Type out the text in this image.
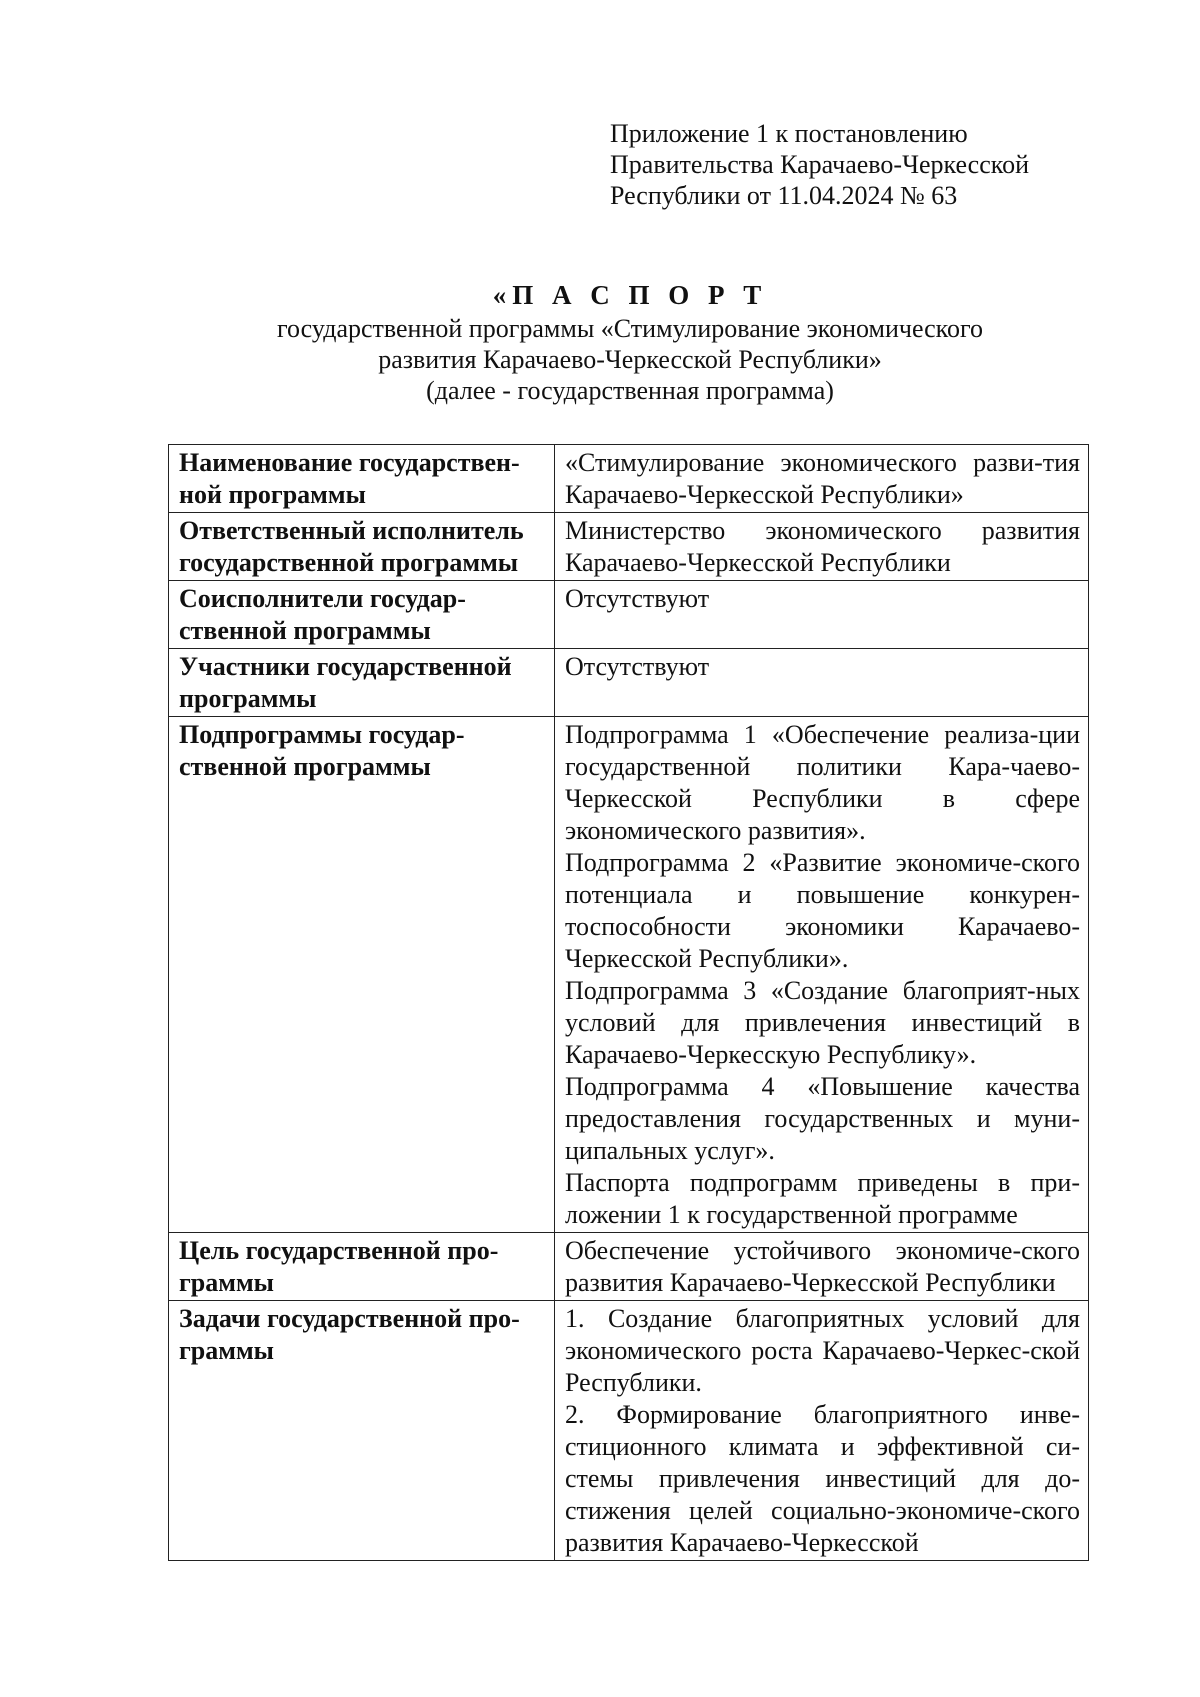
Приложение 1 к постановлению
Правительства Карачаево-Черкесской
Республики от 11.04.2024 № 63
«П А С П О Р Т
государственной программы «Стимулирование экономического
развития Карачаево-Черкесской Республики»
(далее - государственная программа)
Наименование государствен-ной программы	«Стимулирование экономического разви-тия Карачаево-Черкесской Республики»

Ответственный исполнитель государственной программы	Министерство экономического развития Карачаево-Черкесской Республики

Соисполнители государ-ственной программы	Отсутствуют

Участники государственной программы	Отсутствуют

Подпрограммы государ-ственной программы	Подпрограмма 1 «Обеспечение реализа-ции государственной политики Кара-чаево-Черкесской Республики в сфере экономического развития».
Подпрограмма 2 «Развитие экономиче-ского потенциала и повышение конкурен-тоспособности экономики Карачаево-Черкесской Республики».
Подпрограмма 3 «Создание благоприят-ных условий для привлечения инвестиций в Карачаево-Черкесскую Республику».
Подпрограмма 4 «Повышение качества предоставления государственных и муни-ципальных услуг».
Паспорта подпрограмм приведены в при-ложении 1 к государственной программе

Цель государственной про-граммы	Обеспечение устойчивого экономиче-ского развития Карачаево-Черкесской Республики

Задачи государственной про-граммы	1. Создание благоприятных условий для экономического роста Карачаево-Черкес-ской Республики.
2. Формирование благоприятного инве-стиционного климата и эффективной си-стемы привлечения инвестиций для до-стижения целей социально-экономиче-ского развития Карачаево-Черкесской
